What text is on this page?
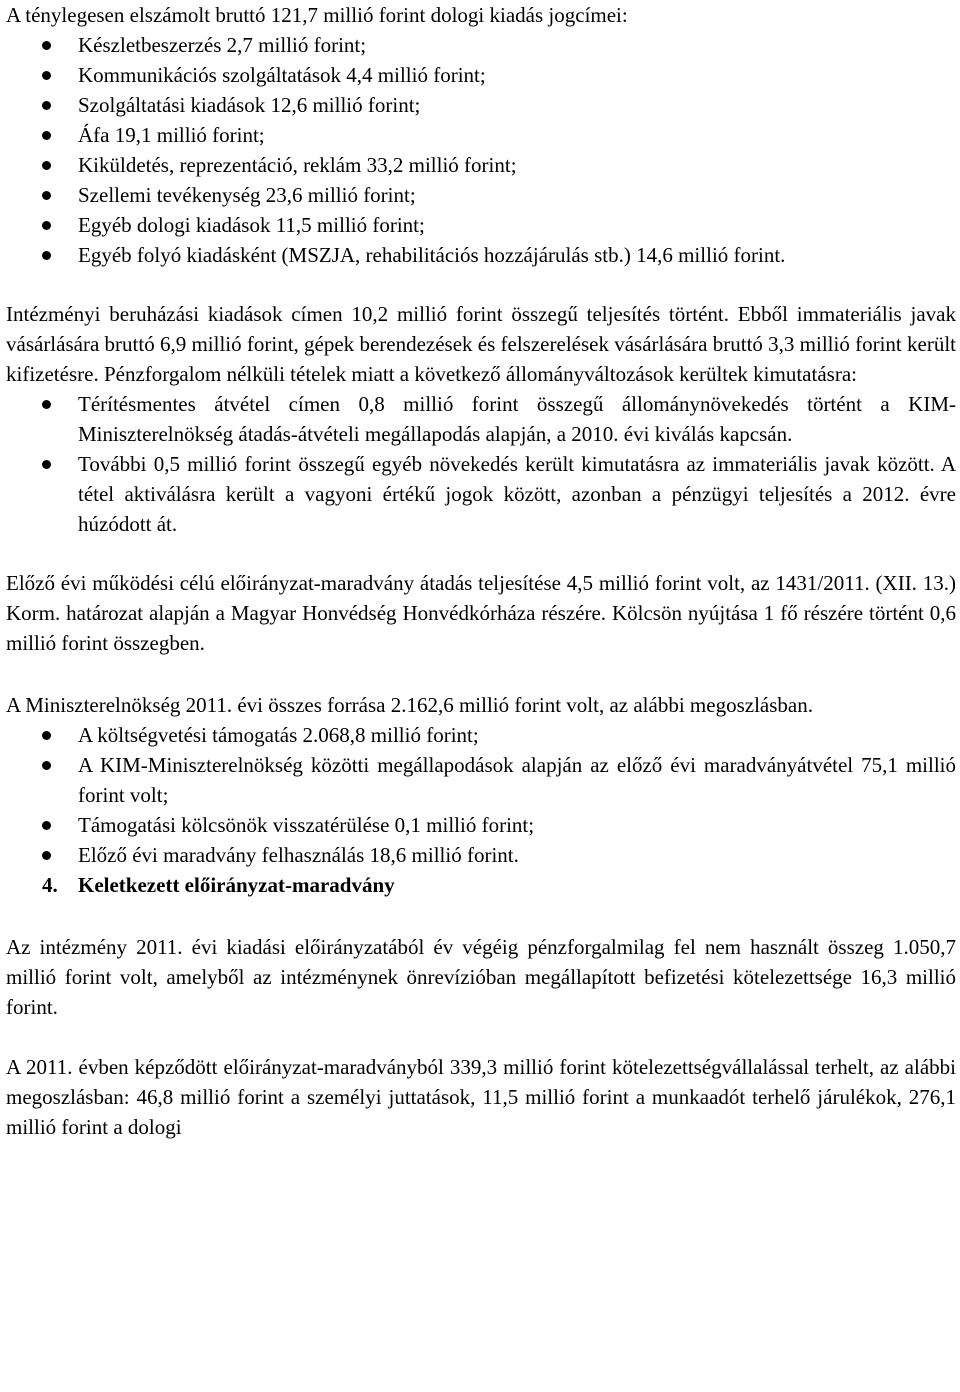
A ténylegesen elszámolt bruttó 121,7 millió forint dologi kiadás jogcímei:

Készletbeszerzés 2,7 millió forint;
Kommunikációs szolgáltatások 4,4 millió forint;
Szolgáltatási kiadások 12,6 millió forint;
Áfa 19,1 millió forint;
Kiküldetés, reprezentáció, reklám 33,2 millió forint;
Szellemi tevékenység 23,6 millió forint;
Egyéb dologi kiadások 11,5 millió forint;
Egyéb folyó kiadásként (MSZJA, rehabilitációs hozzájárulás stb.) 14,6 millió forint.

Intézményi beruházási kiadások címen 10,2 millió forint összegű teljesítés történt. Ebből immateriális javak vásárlására bruttó 6,9 millió forint, gépek berendezések és felszerelések vásárlására bruttó 3,3 millió forint került kifizetésre. Pénzforgalom nélküli tételek miatt a következő állományváltozások kerültek kimutatásra:

Térítésmentes átvétel címen 0,8 millió forint összegű állománynövekedés történt a KIM-Miniszterelnökség átadás-átvételi megállapodás alapján, a 2010. évi kiválás kapcsán.
További 0,5 millió forint összegű egyéb növekedés került kimutatásra az immateriális javak között. A tétel aktiválásra került a vagyoni értékű jogok között, azonban a pénzügyi teljesítés a 2012. évre húzódott át.

Előző évi működési célú előirányzat-maradvány átadás teljesítése 4,5 millió forint volt, az 1431/2011. (XII. 13.) Korm. határozat alapján a Magyar Honvédség Honvédkórháza részére. Kölcsön nyújtása 1 fő részére történt 0,6 millió forint összegben.

A Miniszterelnökség 2011. évi összes forrása 2.162,6 millió forint volt, az alábbi megoszlásban.

A költségvetési támogatás 2.068,8 millió forint;
A KIM-Miniszterelnökség közötti megállapodások alapján az előző évi maradványátvétel 75,1 millió forint volt;
Támogatási kölcsönök visszatérülése 0,1 millió forint;
Előző évi maradvány felhasználás 18,6 millió forint.
4. Keletkezett előirányzat-maradvány

Az intézmény 2011. évi kiadási előirányzatából év végéig pénzforgalmilag fel nem használt összeg 1.050,7 millió forint volt, amelyből az intézménynek önrevízióban megállapított befizetési kötelezettsége 16,3 millió forint.

A 2011. évben képződött előirányzat-maradványból 339,3 millió forint kötelezettségvállalással terhelt, az alábbi megoszlásban: 46,8 millió forint a személyi juttatások, 11,5 millió forint a munkaadót terhelő járulékok, 276,1 millió forint a dologi
